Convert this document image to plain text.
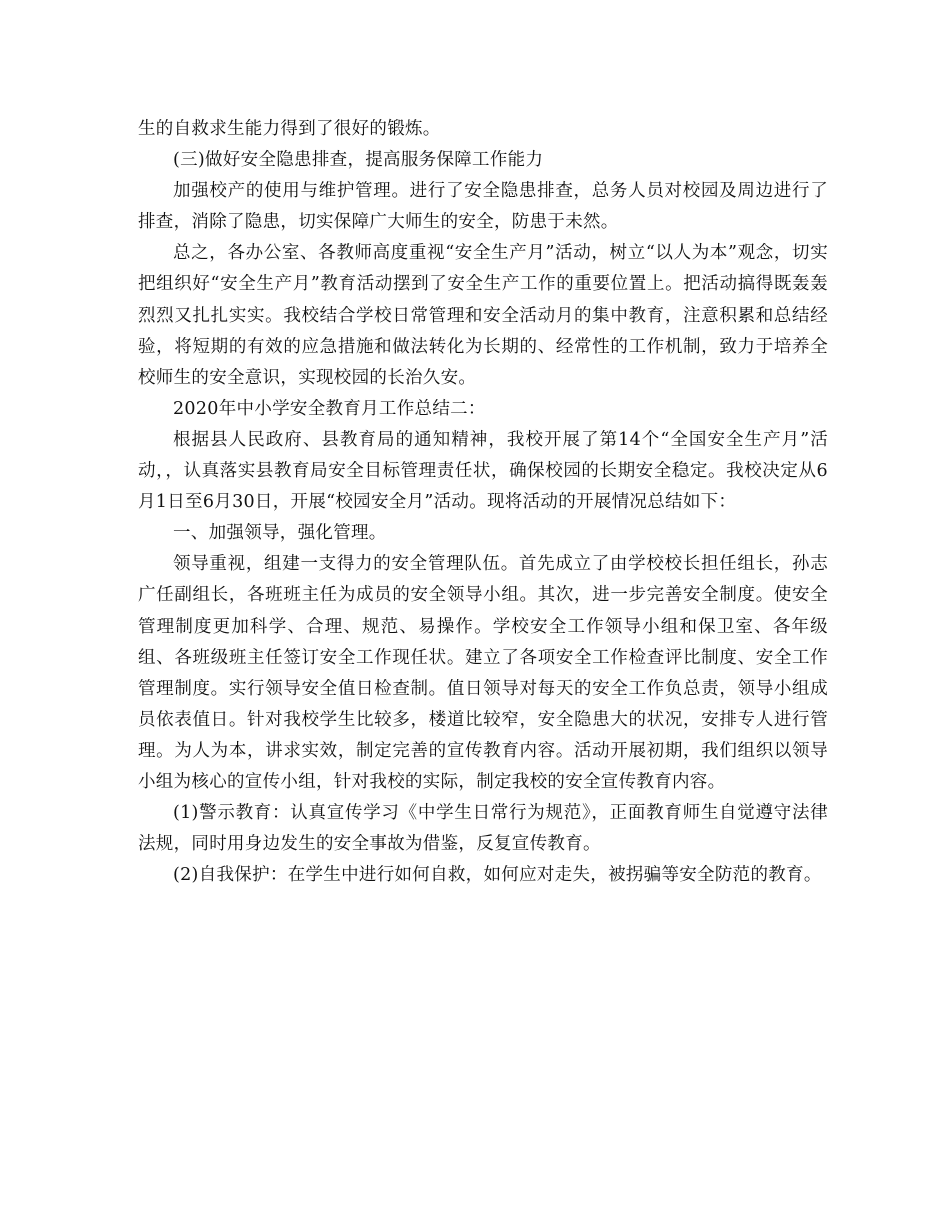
生的自救求生能力得到了很好的锻炼。

(三)做好安全隐患排查，提高服务保障工作能力

加强校产的使用与维护管理。进行了安全隐患排查，总务人员对校园及周边进行了排查，消除了隐患，切实保障广大师生的安全，防患于未然。

总之，各办公室、各教师高度重视“安全生产月”活动，树立“以人为本”观念，切实把组织好“安全生产月”教育活动摆到了安全生产工作的重要位置上。把活动搞得既轰轰烈烈又扎扎实实。我校结合学校日常管理和安全活动月的集中教育，注意积累和总结经验，将短期的有效的应急措施和做法转化为长期的、经常性的工作机制，致力于培养全校师生的安全意识，实现校园的长治久安。

2020年中小学安全教育月工作总结二：

根据县人民政府、县教育局的通知精神，我校开展了第14个“全国安全生产月”活动，，认真落实县教育局安全目标管理责任状，确保校园的长期安全稳定。我校决定从6月1日至6月30日，开展“校园安全月”活动。现将活动的开展情况总结如下：

一、加强领导，强化管理。

领导重视，组建一支得力的安全管理队伍。首先成立了由学校校长担任组长，孙志广任副组长，各班班主任为成员的安全领导小组。其次，进一步完善安全制度。使安全管理制度更加科学、合理、规范、易操作。学校安全工作领导小组和保卫室、各年级组、各班级班主任签订安全工作现任状。建立了各项安全工作检查评比制度、安全工作管理制度。实行领导安全值日检查制。值日领导对每天的安全工作负总责，领导小组成员依表值日。针对我校学生比较多，楼道比较窄，安全隐患大的状况，安排专人进行管理。为人为本，讲求实效，制定完善的宣传教育内容。活动开展初期，我们组织以领导小组为核心的宣传小组，针对我校的实际，制定我校的安全宣传教育内容。

(1)警示教育：认真宣传学习《中学生日常行为规范》，正面教育师生自觉遵守法律法规，同时用身边发生的安全事故为借鉴，反复宣传教育。

(2)自我保护：在学生中进行如何自救，如何应对走失，被拐骗等安全防范的教育。
